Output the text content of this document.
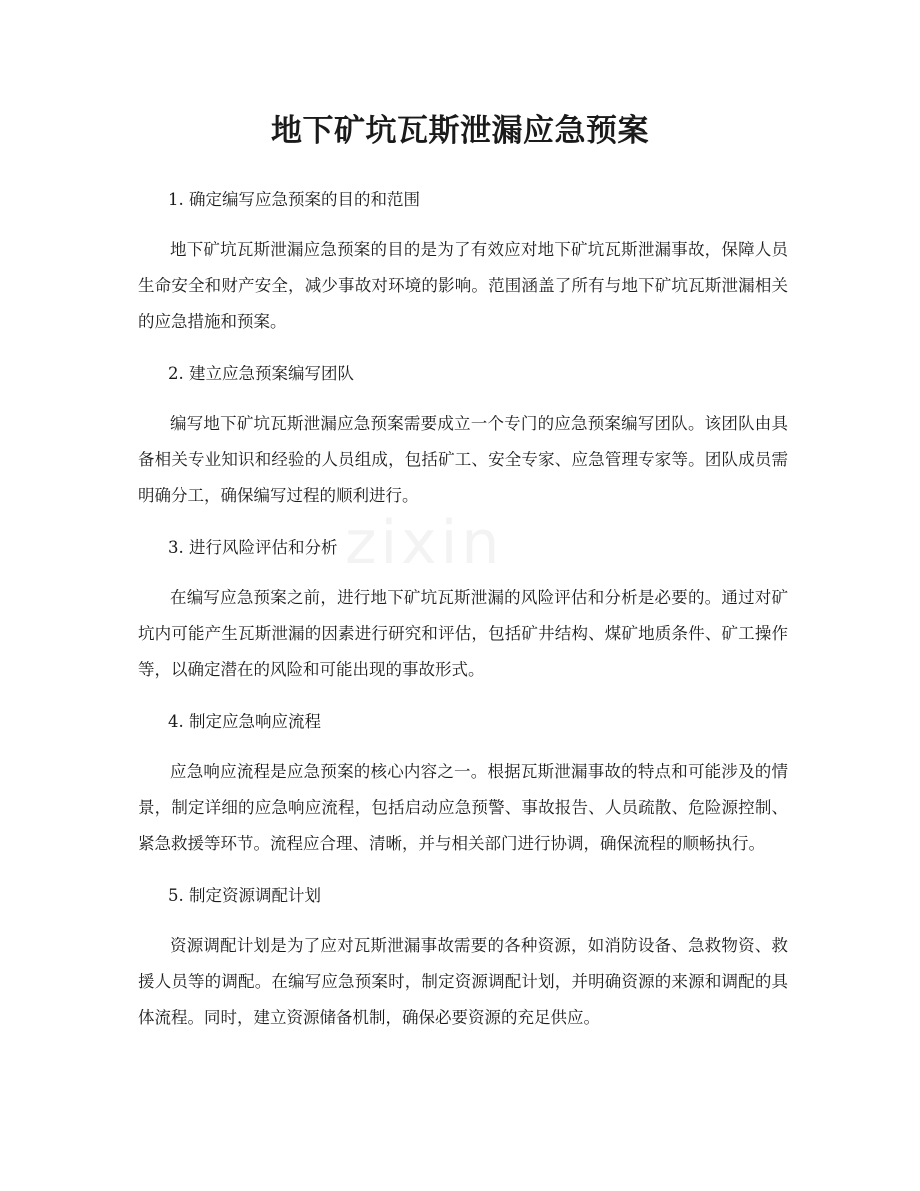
zixin
地下矿坑瓦斯泄漏应急预案
1. 确定编写应急预案的目的和范围

地下矿坑瓦斯泄漏应急预案的目的是为了有效应对地下矿坑瓦斯泄漏事故，保障人员生命安全和财产安全，减少事故对环境的影响。范围涵盖了所有与地下矿坑瓦斯泄漏相关的应急措施和预案。

2. 建立应急预案编写团队

编写地下矿坑瓦斯泄漏应急预案需要成立一个专门的应急预案编写团队。该团队由具备相关专业知识和经验的人员组成，包括矿工、安全专家、应急管理专家等。团队成员需明确分工，确保编写过程的顺利进行。

3. 进行风险评估和分析

在编写应急预案之前，进行地下矿坑瓦斯泄漏的风险评估和分析是必要的。通过对矿坑内可能产生瓦斯泄漏的因素进行研究和评估，包括矿井结构、煤矿地质条件、矿工操作等，以确定潜在的风险和可能出现的事故形式。

4. 制定应急响应流程

应急响应流程是应急预案的核心内容之一。根据瓦斯泄漏事故的特点和可能涉及的情景，制定详细的应急响应流程，包括启动应急预警、事故报告、人员疏散、危险源控制、紧急救援等环节。流程应合理、清晰，并与相关部门进行协调，确保流程的顺畅执行。

5. 制定资源调配计划

资源调配计划是为了应对瓦斯泄漏事故需要的各种资源，如消防设备、急救物资、救援人员等的调配。在编写应急预案时，制定资源调配计划，并明确资源的来源和调配的具体流程。同时，建立资源储备机制，确保必要资源的充足供应。
